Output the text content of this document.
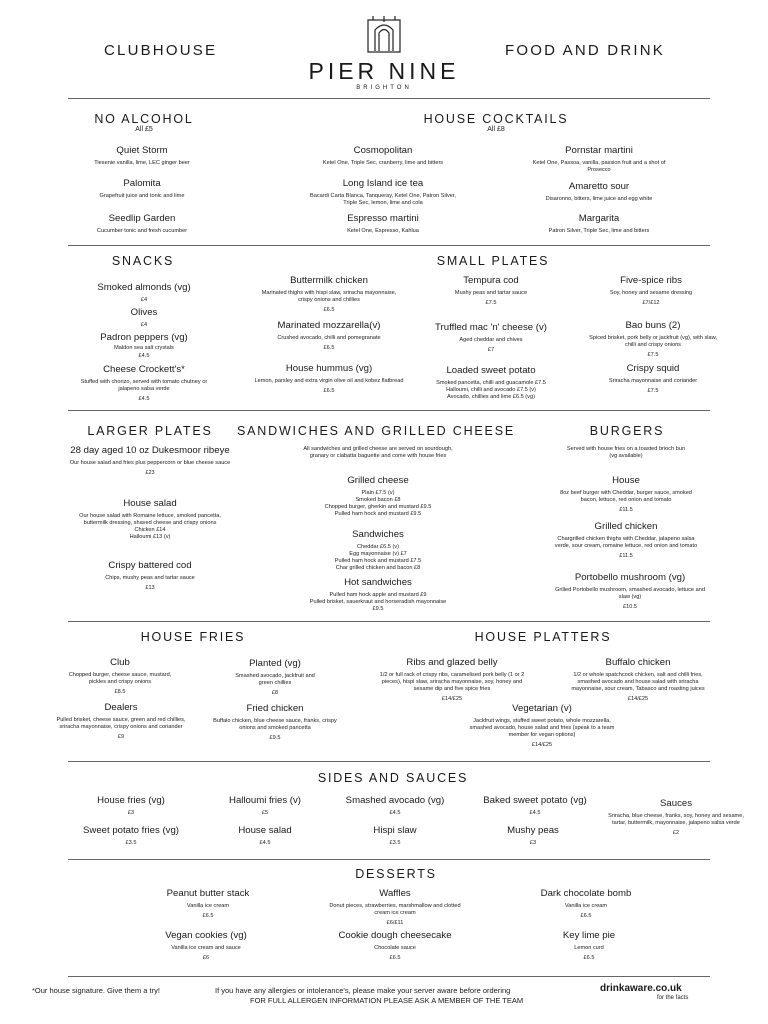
CLUBHOUSE	FOOD AND DRINK
PIER NINE
BRIGHTON
NO ALCOHOL
All £5
Quiet Storm
Tiesenie vanilla, lime, LEC ginger beer
Palomita
Grapefruit juice and tonic and lime
Seedlip Garden
Cucumber tonic and fresh cucumber
HOUSE COCKTAILS
All £8
Cosmopolitan
Ketel One, Triple Sec, cranberry, lime and bitters
Long Island ice tea
Bacardi Carta Blanca, Tanqueray, Ketel One, Patron Silver, Triple Sec, lemon, lime and cola
Espresso martini
Ketel One, Espresso, Kahlua
Pornstar martini
Ketel One, Passoa, vanilla, passion fruit and a shot of Prosecco
Amaretto sour
Disaronno, bitters, lime juice and egg white
Margarita
Patron Silver, Triple Sec, lime and bitters
SNACKS
Smoked almonds (vg)
£4
Olives
£4
Padron peppers (vg)
Maldon sea salt crystals
£4.5
Cheese Crockett's*
Stuffed with chorizo, served with tomato chutney or jalapeno salsa verde
£4.5
SMALL PLATES
Buttermilk chicken
Marinated thighs with hispi slaw, sriracha mayonnaise, crispy onions and chillies
£6.5
Marinated mozzarella(v)
Crushed avocado, chilli and pomegranate
£6.5
House hummus (vg)
Lemon, parsley and extra virgin olive oil and kobez flatbread
£6.5
Tempura cod
Mushy peas and tartar sauce
£7.5
Truffled mac 'n' cheese (v)
Aged cheddar and chives
£7
Loaded sweet potato
Smoked pancetta, chilli and guacamole £7.5
Halloumi, chilli and avocado £7.5 (v)
Avocado, chillies and lime £6.5 (vg)
Five-spice ribs
Soy, honey and sesame dressing
£7/£12
Bao buns (2)
Spiced brisket, pork belly or jackfruit (vg), with slaw, chilli and crispy onions
£7.5
Crispy squid
Sriracha mayonnaise and coriander
£7.5
LARGER PLATES
28 day aged 10 oz Dukesmoor ribeye
Our house salad and fries plus peppercorn or blue cheese sauce
£23
House salad
Our house salad with Romaine lettuce, smoked pancetta, buttermilk dressing, shaved cheese and crispy onions
Chicken £14
Halloumi £13 (v)
Crispy battered cod
Chips, mushy peas and tartar sauce
£13
SANDWICHES AND GRILLED CHEESE
All sandwiches and grilled cheese are served on sourdough, granary or ciabatta baguette and come with house fries
Grilled cheese
Plain £7.5 (v)
Smoked bacon £8
Chopped burger, gherkin and mustard £9.5
Pulled ham hock and mustard £9.5
Sandwiches
Cheddar £6.5 (v)
Egg mayonnaise (v) £7
Pulled ham hock and mustard £7.5
Char grilled chicken and bacon £8
Hot sandwiches
Pulled ham hock apple and mustard £9
Pulled brisket, sauerkraut and horseradish mayonnaise £9.5
BURGERS
Served with house fries on a toasted brioch bun (vg available)
House
8oz beef burger with Cheddar, burger sauce, smoked bacon, lettuce, red onion and tomato
£11.5
Grilled chicken
Chargrilled chicken thighs with Cheddar, jalapeno salsa verde, sour cream, romaine lettuce, red onion and tomato
£11.5
Portobello mushroom (vg)
Grilled Portobello mushroom, smashed avocado, lettuce and slaw (vg)
£10.5
HOUSE FRIES
Club
Chopped burger, cheese sauce, mustard, pickles and crispy onions
£8.5
Dealers
Pulled brisket, cheese sauce, green and red chillies, sriracha mayonnaise, crispy onions and coriander
£9
Planted (vg)
Smashed avocado, jackfruit and green chillies
£8
Fried chicken
Buffalo chicken, blue cheese sauce, franks, crispy onions and smoked pancetta
£9.5
HOUSE PLATTERS
Ribs and glazed belly
1/2 or full rack of crispy ribs, caramelised pork belly (1 or 2 pieces), hispi slaw, sriracha mayonnaise, soy, honey and sesame dip and five spice fries
£14/£25
Vegetarian (v)
Jackfruit wings, stuffed sweet potato, whole mozzarella, smashed avocado, house salad and fries (speak to a team member for vegan options)
£14/£25
Buffalo chicken
1/2 or whole spatchcock chicken, salt and chilli fries, smashed avocado and house salad with sriracha mayonnaise, sour cream, Tabasco and roasting juices
£14/£25
SIDES AND SAUCES
House fries (vg)
£3
Sweet potato fries (vg)
£3.5
Halloumi fries (v)
£5
House salad
£4.5
Smashed avocado (vg)
£4.5
Hispi slaw
£3.5
Baked sweet potato (vg)
£4.5
Mushy peas
£3
Sauces
Sriracha, blue cheese, franks, soy, honey and sesame, tartar, buttermilk, mayonnaise, jalapeno salsa verde
£2
DESSERTS
Peanut butter stack
Vanilla ice cream
£6.5
Vegan cookies (vg)
Vanilla ice cream and sauce
£6
Waffles
Donut pieces, strawberries, marshmallow and clotted cream ice cream
£6/£11
Cookie dough cheesecake
Chocolate sauce
£6.5
Dark chocolate bomb
Vanilla ice cream
£6.5
Key lime pie
Lemon curd
£6.5
*Our house signature. Give them a try!	If you have any allergies or intolerance's, please make your server aware before ordering
FOR FULL ALLERGEN INFORMATION PLEASE ASK A MEMBER OF THE TEAM
drinkaware.co.uk
for the facts
